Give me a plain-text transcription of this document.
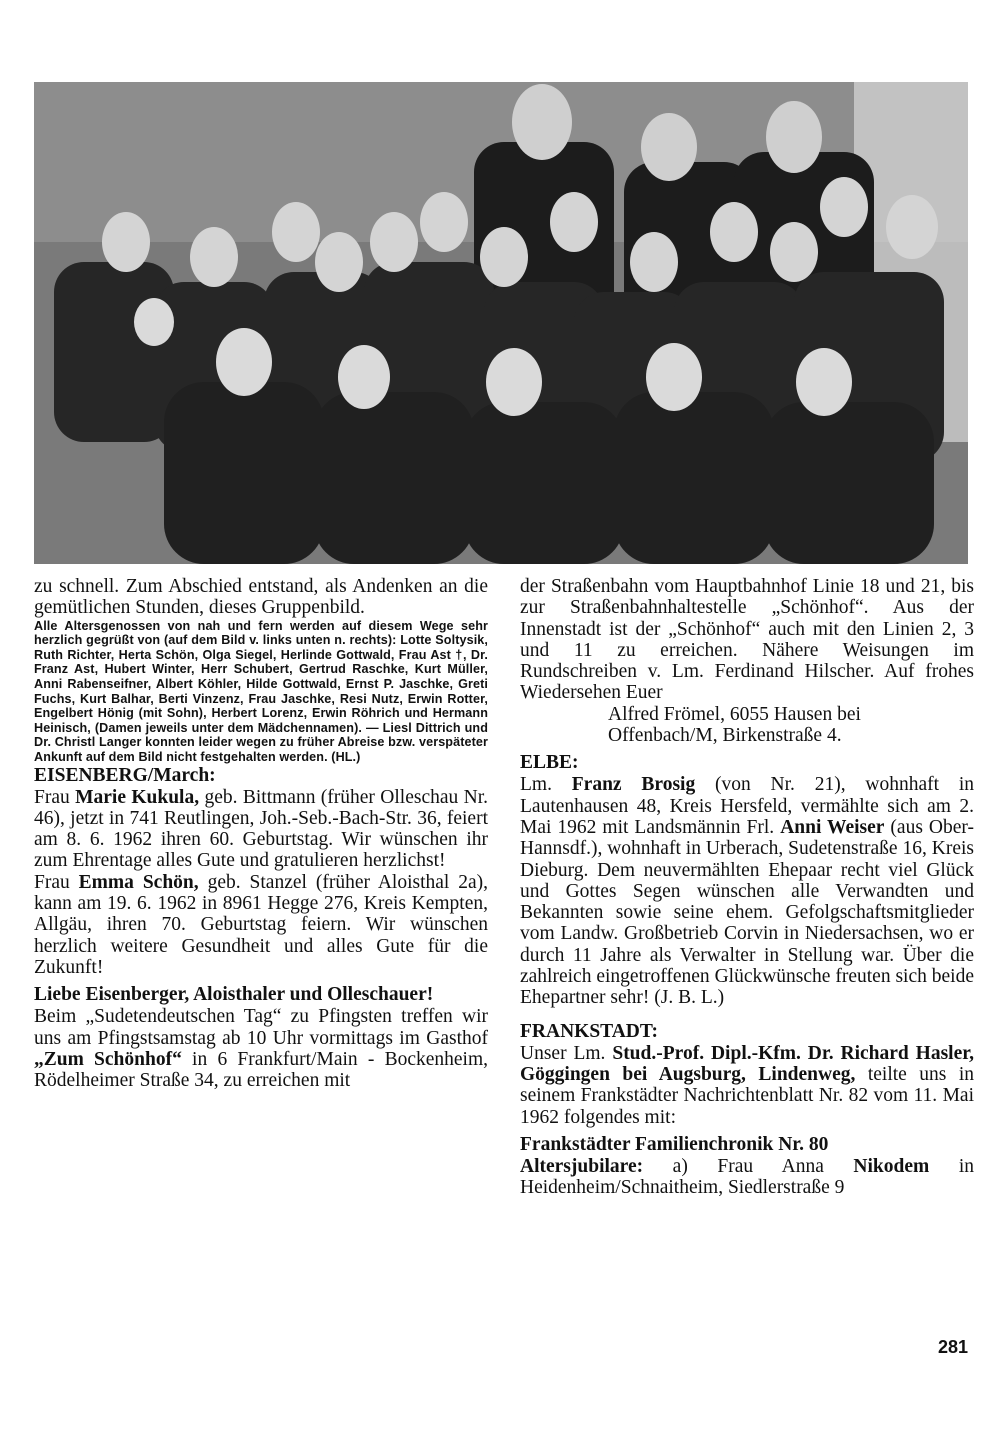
zu schnell. Zum Abschied entstand, als Andenken an die gemütlichen Stunden, dieses Gruppenbild.

Alle Altersgenossen von nah und fern werden auf diesem Wege sehr herzlich gegrüßt von (auf dem Bild v. links unten n. rechts): Lotte Soltysik, Ruth Richter, Herta Schön, Olga Siegel, Herlinde Gottwald, Frau Ast †, Dr. Franz Ast, Hubert Winter, Herr Schubert, Gertrud Raschke, Kurt Müller, Anni Rabenseifner, Albert Köhler, Hilde Gottwald, Ernst P. Jaschke, Greti Fuchs, Kurt Balhar, Berti Vinzenz, Frau Jaschke, Resi Nutz, Erwin Rotter, Engelbert Hönig (mit Sohn), Herbert Lorenz, Erwin Röhrich und Hermann Heinisch, (Damen jeweils unter dem Mädchennamen). — Liesl Dittrich und Dr. Christl Langer konnten leider wegen zu früher Abreise bzw. verspäteter Ankunft auf dem Bild nicht festgehalten werden. (HL.)

EISENBERG/March:

Frau Marie Kukula, geb. Bittmann (früher Olleschau Nr. 46), jetzt in 741 Reutlingen, Joh.-Seb.-Bach-Str. 36, feiert am 8. 6. 1962 ihren 60. Geburtstag. Wir wünschen ihr zum Ehrentage alles Gute und gratulieren herzlichst!

Frau Emma Schön, geb. Stanzel (früher Aloisthal 2a), kann am 19. 6. 1962 in 8961 Hegge 276, Kreis Kempten, Allgäu, ihren 70. Geburtstag feiern. Wir wünschen herzlich weitere Gesundheit und alles Gute für die Zukunft!

Liebe Eisenberger, Aloisthaler und Olleschauer!

Beim „Sudetendeutschen Tag“ zu Pfingsten treffen wir uns am Pfingstsamstag ab 10 Uhr vormittags im Gasthof „Zum Schönhof“ in 6 Frankfurt/Main - Bockenheim, Rödelheimer Straße 34, zu erreichen mit

der Straßenbahn vom Hauptbahnhof Linie 18 und 21, bis zur Straßenbahnhaltestelle „Schönhof“. Aus der Innenstadt ist der „Schönhof“ auch mit den Linien 2, 3 und 11 zu erreichen. Nähere Weisungen im Rundschreiben v. Lm. Ferdinand Hilscher. Auf frohes Wiedersehen Euer

Alfred Frömel, 6055 Hausen bei

Offenbach/M, Birkenstraße 4.

ELBE:

Lm. Franz Brosig (von Nr. 21), wohnhaft in Lautenhausen 48, Kreis Hersfeld, vermählte sich am 2. Mai 1962 mit Landsmännin Frl. Anni Weiser (aus Ober-Hannsdf.), wohnhaft in Urberach, Sudetenstraße 16, Kreis Dieburg. Dem neuvermählten Ehepaar recht viel Glück und Gottes Segen wünschen alle Verwandten und Bekannten sowie seine ehem. Gefolgschaftsmitglieder vom Landw. Großbetrieb Corvin in Niedersachsen, wo er durch 11 Jahre als Verwalter in Stellung war. Über die zahlreich eingetroffenen Glückwünsche freuten sich beide Ehepartner sehr! (J. B. L.)

FRANKSTADT:

Unser Lm. Stud.-Prof. Dipl.-Kfm. Dr. Richard Hasler, Göggingen bei Augsburg, Lindenweg, teilte uns in seinem Frankstädter Nachrichtenblatt Nr. 82 vom 11. Mai 1962 folgendes mit:

Frankstädter Familienchronik Nr. 80

Altersjubilare: a) Frau Anna Nikodem in Heidenheim/Schnaitheim, Siedlerstraße 9

281
